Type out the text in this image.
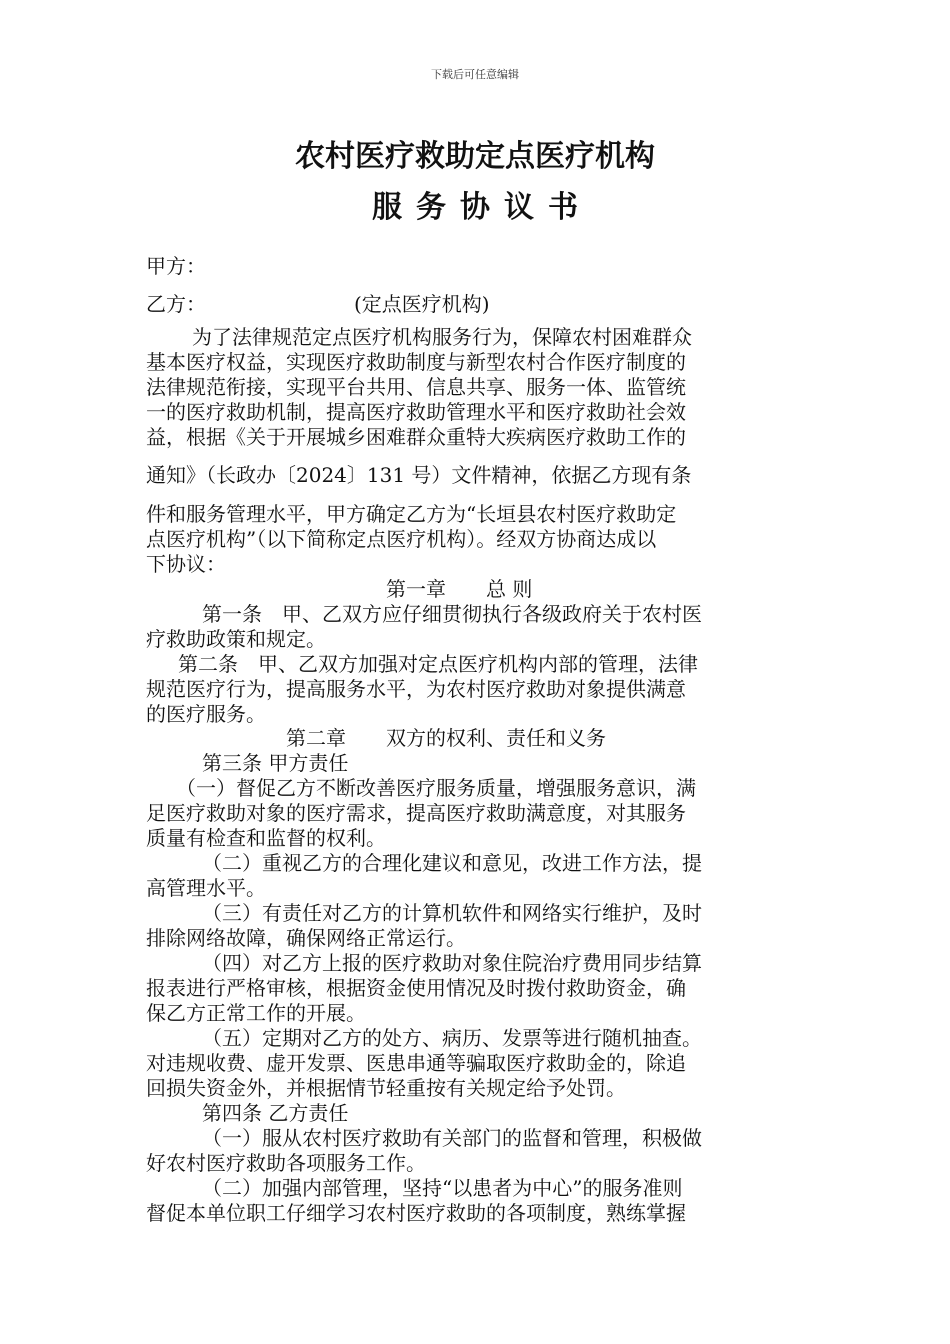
下载后可任意编辑
农村医疗救助定点医疗机构
服务协议书
甲方：
乙方：	(定点医疗机构)
为了法律规范定点医疗机构服务行为，保障农村困难群众
基本医疗权益，实现医疗救助制度与新型农村合作医疗制度的
法律规范衔接，实现平台共用、信息共享、服务一体、监管统
一的医疗救助机制，提高医疗救助管理水平和医疗救助社会效
益，根据《关于开展城乡困难群众重特大疾病医疗救助工作的
通知》（长政办〔2024〕131 号）文件精神，依据乙方现有条
件和服务管理水平，甲方确定乙方为“长垣县农村医疗救助定
点医疗机构”（以下简称定点医疗机构）。经双方协商达成以
下协议：
第一章　　总 则
第一条　甲、乙双方应仔细贯彻执行各级政府关于农村医
疗救助政策和规定。
第二条　甲、乙双方加强对定点医疗机构内部的管理，法律
规范医疗行为，提高服务水平，为农村医疗救助对象提供满意
的医疗服务。
第二章　　双方的权利、责任和义务
第三条 甲方责任
（一）督促乙方不断改善医疗服务质量，增强服务意识，满
足医疗救助对象的医疗需求，提高医疗救助满意度，对其服务
质量有检查和监督的权利。
（二）重视乙方的合理化建议和意见，改进工作方法，提
高管理水平。
（三）有责任对乙方的计算机软件和网络实行维护，及时
排除网络故障，确保网络正常运行。
（四）对乙方上报的医疗救助对象住院治疗费用同步结算
报表进行严格审核，根据资金使用情况及时拨付救助资金，确
保乙方正常工作的开展。
（五）定期对乙方的处方、病历、发票等进行随机抽查。
对违规收费、虚开发票、医患串通等骗取医疗救助金的，除追
回损失资金外，并根据情节轻重按有关规定给予处罚。
第四条 乙方责任
（一）服从农村医疗救助有关部门的监督和管理，积极做
好农村医疗救助各项服务工作。
（二）加强内部管理，坚持“以患者为中心”的服务准则
督促本单位职工仔细学习农村医疗救助的各项制度，熟练掌握
